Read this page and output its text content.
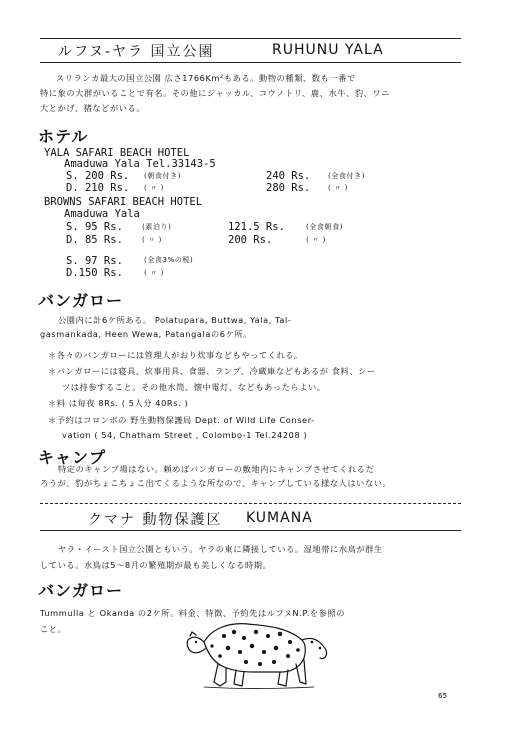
ルフヌ-ヤラ 国立公園	RUHUNU YALA
スリランカ最大の国立公園 広さ1766Km²もある。動物の種類、数も一番で
特に象の大群がいることで有名。その他にジャッカル、コウノトリ、鹿、水牛、豹、ワニ
大とかげ、猪などがいる。
ホテル
YALA SAFARI BEACH HOTEL
Amaduwa Yala Tel.33143-5
S. 200 Rs. (朝食付き)	240 Rs.	(全食付き)
D. 210 Rs. ( 〃 )	280 Rs.	( 〃 )
BROWNS SAFARI BEACH HOTEL
Amaduwa Yala
S. 95 Rs.	(素泊り)	121.5 Rs.	(全食朝食)
D. 85 Rs.	( 〃 )	200 Rs.	( 〃 )
S. 97 Rs.	(全食3%の税)
D.150 Rs.	( 〃 )
バンガロー
公園内に計6ケ所ある。 Polatupara, Buttwa, Yala, Tal-
gasmankada, Heen Wewa, Patangalaの6ケ所。
＊各々のバンガローには管理人がおり炊事などもやってくれる。
＊バンガローには寝具、炊事用具、食器、ランプ、冷蔵庫などもあるが 食料、シー
ツは持参すること。その他水筒、懐中電灯、などもあったらよい。
＊料 は毎夜 8Rs. ( 5人分 40Rs. )
＊予約はコロンボの 野生動物保護局 Dept. of Wild Life Conser-
vation ( 54, Chatham Street , Colombo-1 Tel.24208 )
キャンプ
特定のキャンプ場はない。頼めばバンガローの敷地内にキャンプさせてくれるだ
ろうが、豹がちょこちょこ出てくるような所なので、キャンプしている様な人はいない。
クマナ 動物保護区 KUMANA
ヤラ・イースト国立公園ともいう。ヤラの東に隣接している。湿地帯に水鳥が群生
している。水鳥は5～8月の繁殖期が最も美しくなる時期。
バンガロー
Tummulla と Okanda の2ケ所。料金、特徴、予約先はルフヌN.P.を参照の
こと。
65
